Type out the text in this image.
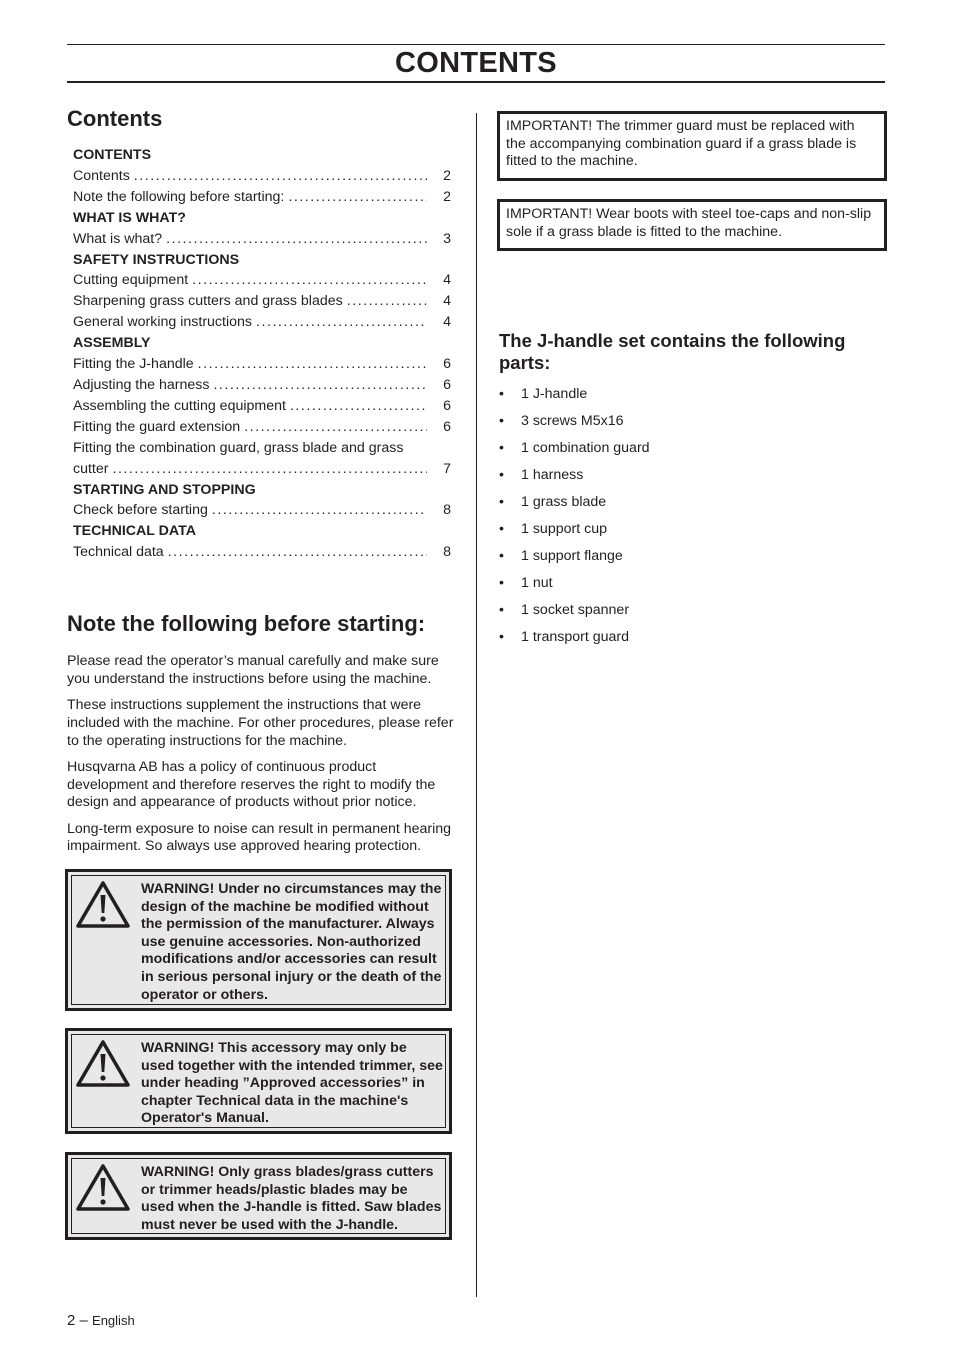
CONTENTS
Contents
CONTENTS
Contents . . .	2
Note the following before starting: . . .	2
WHAT IS WHAT?
What is what? . . .	3
SAFETY INSTRUCTIONS
Cutting equipment . . .	4
Sharpening grass cutters and grass blades . . .	4
General working instructions . . .	4
ASSEMBLY
Fitting the J-handle . . .	6
Adjusting the harness . . .	6
Assembling the cutting equipment . . .	6
Fitting the guard extension . . .	6
Fitting the combination guard, grass blade and grass
cutter . . .	7
STARTING AND STOPPING
Check before starting . . .	8
TECHNICAL DATA
Technical data . . .	8
Note the following before starting:

Please read the operator’s manual carefully and make sure you understand the instructions before using the machine.

These instructions supplement the instructions that were included with the machine. For other procedures, please refer to the operating instructions for the machine.

Husqvarna AB has a policy of continuous product development and therefore reserves the right to modify the design and appearance of products without prior notice.

Long-term exposure to noise can result in permanent hearing impairment. So always use approved hearing protection.

WARNING! Under no circumstances may the design of the machine be modified without the permission of the manufacturer. Always use genuine accessories. Non-authorized modifications and/or accessories can result in serious personal injury or the death of the operator or others.
WARNING! This accessory may only be used together with the intended trimmer, see under heading ”Approved accessories” in chapter Technical data in the machine's Operator's Manual.
WARNING! Only grass blades/grass cutters or trimmer heads/plastic blades may be used when the J-handle is fitted. Saw blades must never be used with the J-handle.
IMPORTANT! The trimmer guard must be replaced with the accompanying combination guard if a grass blade is fitted to the machine.
IMPORTANT! Wear boots with steel toe-caps and non-slip sole if a grass blade is fitted to the machine.
The J-handle set contains the following parts:
• 1 J-handle
• 3 screws M5x16
• 1 combination guard
• 1 harness
• 1 grass blade
• 1 support cup
• 1 support flange
• 1 nut
• 1 socket spanner
• 1 transport guard
2 – English
